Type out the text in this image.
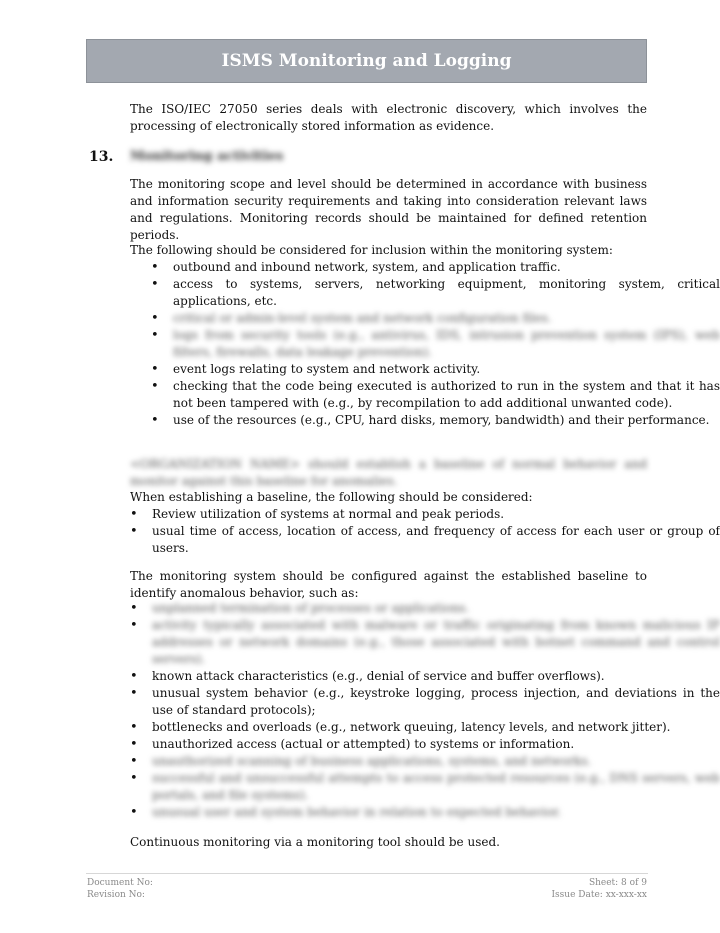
ISMS Monitoring and Logging

The ISO/IEC 27050 series deals with electronic discovery, which involves the processing of electronically stored information as evidence.

13. Monitoring activities

The monitoring scope and level should be determined in accordance with business and information security requirements and taking into consideration relevant laws and regulations. Monitoring records should be maintained for defined retention periods.

The following should be considered for inclusion within the monitoring system:

• outbound and inbound network, system, and application traffic.
• access to systems, servers, networking equipment, monitoring system, critical applications, etc.
• critical or admin-level system and network configuration files.
• logs from security tools (e.g., antivirus, IDS, intrusion prevention system (IPS), web filters, firewalls, data leakage prevention).
• event logs relating to system and network activity.
• checking that the code being executed is authorized to run in the system and that it has not been tampered with (e.g., by recompilation to add additional unwanted code).
• use of the resources (e.g., CPU, hard disks, memory, bandwidth) and their performance.

<ORGANIZATION NAME> should establish a baseline of normal behavior and monitor against this baseline for anomalies.

When establishing a baseline, the following should be considered:

• Review utilization of systems at normal and peak periods.
• usual time of access, location of access, and frequency of access for each user or group of users.

The monitoring system should be configured against the established baseline to identify anomalous behavior, such as:

• unplanned termination of processes or applications.
• activity typically associated with malware or traffic originating from known malicious IP addresses or network domains (e.g., those associated with botnet command and control servers).
• known attack characteristics (e.g., denial of service and buffer overflows).
• unusual system behavior (e.g., keystroke logging, process injection, and deviations in the use of standard protocols);
• bottlenecks and overloads (e.g., network queuing, latency levels, and network jitter).
• unauthorized access (actual or attempted) to systems or information.
• unauthorized scanning of business applications, systems, and networks.
• successful and unsuccessful attempts to access protected resources (e.g., DNS servers, web portals, and file systems).
• unusual user and system behavior in relation to expected behavior.

Continuous monitoring via a monitoring tool should be used.

Document No:
Revision No:
Sheet: 8 of 9
Issue Date: xx-xxx-xx
